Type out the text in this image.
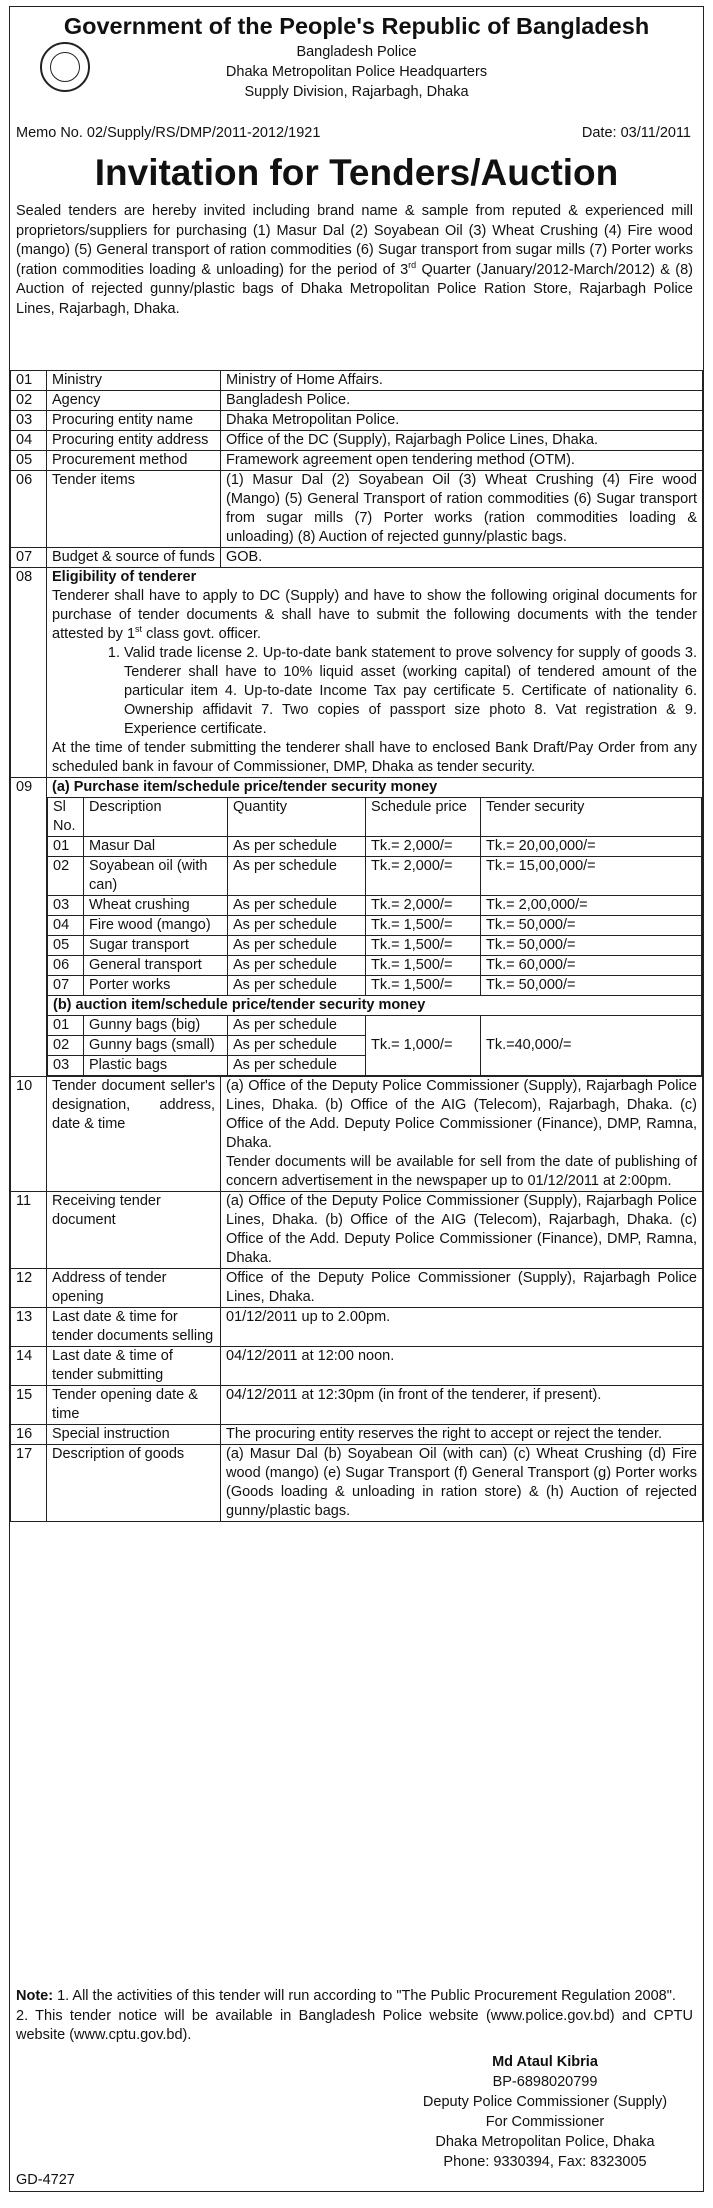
Government of the People's Republic of Bangladesh
Bangladesh Police
Dhaka Metropolitan Police Headquarters
Supply Division, Rajarbagh, Dhaka
Memo No. 02/Supply/RS/DMP/2011-2012/1921	Date: 03/11/2011
Invitation for Tenders/Auction
Sealed tenders are hereby invited including brand name & sample from reputed & experienced mill proprietors/suppliers for purchasing (1) Masur Dal (2) Soyabean Oil (3) Wheat Crushing (4) Fire wood (mango) (5) General transport of ration commodities (6) Sugar transport from sugar mills (7) Porter works (ration commodities loading & unloading) for the period of 3rd Quarter (January/2012-March/2012) & (8) Auction of rejected gunny/plastic bags of Dhaka Metropolitan Police Ration Store, Rajarbagh Police Lines, Rajarbagh, Dhaka.
01	Ministry	Ministry of Home Affairs.
02	Agency	Bangladesh Police.
03	Procuring entity name	Dhaka Metropolitan Police.
04	Procuring entity address	Office of the DC (Supply), Rajarbagh Police Lines, Dhaka.
05	Procurement method	Framework agreement open tendering method (OTM).
06	Tender items	(1) Masur Dal (2) Soyabean Oil (3) Wheat Crushing (4) Fire wood (Mango) (5) General Transport of ration commodities (6) Sugar transport from sugar mills (7) Porter works (ration commodities loading & unloading) (8) Auction of rejected gunny/plastic bags.
07	Budget & source of funds	GOB.
08	Eligibility of tenderer
Tenderer shall have to apply to DC (Supply) and have to show the following original documents for purchase of tender documents & shall have to submit the following documents with the tender attested by 1st class govt. officer.
1. Valid trade license 2. Up-to-date bank statement to prove solvency for supply of goods 3. Tenderer shall have to 10% liquid asset (working capital) of tendered amount of the particular item 4. Up-to-date Income Tax pay certificate 5. Certificate of nationality 6. Ownership affidavit 7. Two copies of passport size photo 8. Vat registration & 9. Experience certificate.
At the time of tender submitting the tenderer shall have to enclosed Bank Draft/Pay Order from any scheduled bank in favour of Commissioner, DMP, Dhaka as tender security.

09	(a) Purchase item/schedule price/tender security money
Sl No.	Description	Quantity	Schedule price	Tender security
01	Masur Dal	As per schedule	Tk.= 2,000/=	Tk.= 20,00,000/=
02	Soyabean oil (with can)	As per schedule	Tk.= 2,000/=	Tk.= 15,00,000/=
03	Wheat crushing	As per schedule	Tk.= 2,000/=	Tk.= 2,00,000/=
04	Fire wood (mango)	As per schedule	Tk.= 1,500/=	Tk.= 50,000/=
05	Sugar transport	As per schedule	Tk.= 1,500/=	Tk.= 50,000/=
06	General transport	As per schedule	Tk.= 1,500/=	Tk.= 60,000/=
07	Porter works	As per schedule	Tk.= 1,500/=	Tk.= 50,000/=
(b) auction item/schedule price/tender security money
01	Gunny bags (big)	As per schedule	Tk.= 1,000/=	Tk.=40,000/=
02	Gunny bags (small)	As per schedule
03	Plastic bags	As per schedule

10	Tender document seller's designation, address, date & time	
(a) Office of the Deputy Police Commissioner (Supply), Rajarbagh Police Lines, Dhaka. (b) Office of the AIG (Telecom), Rajarbagh, Dhaka. (c) Office of the Add. Deputy Police Commissioner (Finance), DMP, Ramna, Dhaka.
Tender documents will be available for sell from the date of publishing of concern advertisement in the newspaper up to 01/12/2011 at 2:00pm.

11	Receiving tender document	(a) Office of the Deputy Police Commissioner (Supply), Rajarbagh Police Lines, Dhaka. (b) Office of the AIG (Telecom), Rajarbagh, Dhaka. (c) Office of the Add. Deputy Police Commissioner (Finance), DMP, Ramna, Dhaka.
12	Address of tender opening	Office of the Deputy Police Commissioner (Supply), Rajarbagh Police Lines, Dhaka.
13	Last date & time for tender documents selling	01/12/2011 up to 2.00pm.
14	Last date & time of tender submitting	04/12/2011 at 12:00 noon.
15	Tender opening date & time	04/12/2011 at 12:30pm (in front of the tenderer, if present).
16	Special instruction	The procuring entity reserves the right to accept or reject the tender.
17	Description of goods	(a) Masur Dal (b) Soyabean Oil (with can) (c) Wheat Crushing (d) Fire wood (mango) (e) Sugar Transport (f) General Transport (g) Porter works (Goods loading & unloading in ration store) & (h) Auction of rejected gunny/plastic bags.
Note: 1. All the activities of this tender will run according to "The Public Procurement Regulation 2008".
2. This tender notice will be available in Bangladesh Police website (www.police.gov.bd) and CPTU website (www.cptu.gov.bd).
Md Ataul Kibria
BP-6898020799
Deputy Police Commissioner (Supply)
For Commissioner
Dhaka Metropolitan Police, Dhaka
Phone: 9330394, Fax: 8323005
GD-4727
